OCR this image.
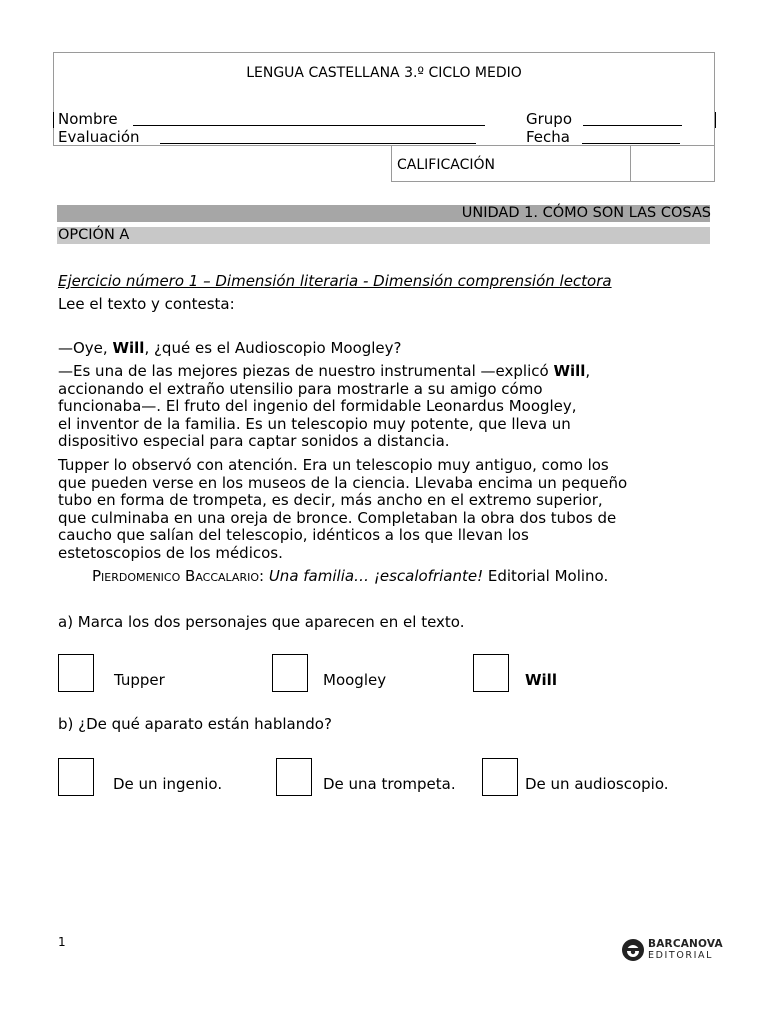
LENGUA CASTELLANA 3.º CICLO MEDIO
Nombre	Grupo
Evaluación	Fecha
CALIFICACIÓN
UNIDAD 1. CÓMO SON LAS COSAS
OPCIÓN A
Ejercicio número 1 – Dimensión literaria - Dimensión comprensión lectora
Lee el texto y contesta:
—Oye, Will, ¿qué es el Audioscopio Moogley?
—Es una de las mejores piezas de nuestro instrumental —explicó Will,
accionando el extraño utensilio para mostrarle a su amigo cómo
funcionaba—. El fruto del ingenio del formidable Leonardus Moogley,
el inventor de la familia. Es un telescopio muy potente, que lleva un
dispositivo especial para captar sonidos a distancia.
Tupper lo observó con atención. Era un telescopio muy antiguo, como los
que pueden verse en los museos de la ciencia. Llevaba encima un pequeño
tubo en forma de trompeta, es decir, más ancho en el extremo superior,
que culminaba en una oreja de bronce. Completaban la obra dos tubos de
caucho que salían del telescopio, idénticos a los que llevan los
estetoscopios de los médicos.
Pierdomenico Baccalario: Una familia… ¡escalofriante! Editorial Molino.
a) Marca los dos personajes que aparecen en el texto.
Tupper	Moogley	Will
b) ¿De qué aparato están hablando?
De un ingenio.	De una trompeta.	De un audioscopio.
1	BARCANOVA
EDITORIAL
